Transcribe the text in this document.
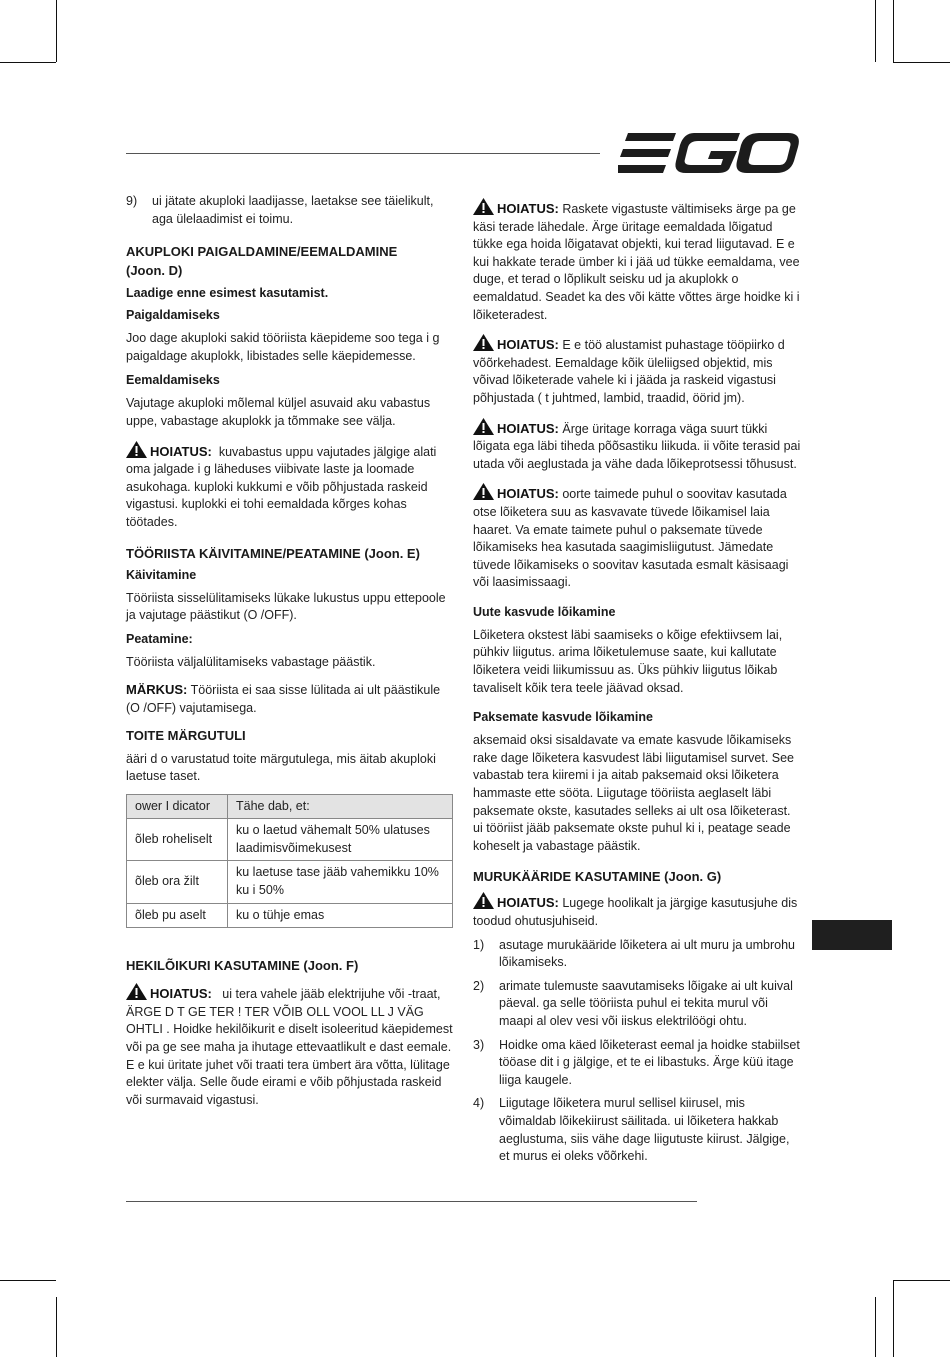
9) ui jätate akuploki laadijasse, laetakse see täielikult, aga ülelaadimist ei toimu.
AKUPLOKI PAIGALDAMINE/EEMALDAMINE
(Joon. D)
Laadige enne esimest kasutamist.
Paigaldamiseks

Joo dage akuploki sakid tööriista käepideme soo tega i g paigaldage akuplokk, libistades selle käepidemesse.

Eemaldamiseks

Vajutage akuploki mõlemal küljel asuvaid aku vabastus uppe, vabastage akuplokk ja tõmmake see välja.

HOIATUS: kuvabastus uppu vajutades jälgige alati oma jalgade i g läheduses viibivate laste ja loomade asukohaga. kuploki kukkumi e võib põhjustada raskeid vigastusi. kuplokki ei tohi eemaldada kõrges kohas töötades.

TÖÖRIISTA KÄIVITAMINE/PEATAMINE (Joon. E)
Käivitamine

Tööriista sisselülitamiseks lükake lukustus uppu ettepoole ja vajutage päästikut (O /OFF).

Peatamine:

Tööriista väljalülitamiseks vabastage päästik.

MÄRKUS: Tööriista ei saa sisse lülitada ai ult päästikule (O /OFF) vajutamisega.

TOITE MÄRGUTULI

ääri d o varustatud toite märgutulega, mis äitab akuploki laetuse taset.

ower I dicator	Tähe dab, et:
õleb roheliselt	ku o laetud vähemalt 50% ulatuses laadimisvõimekusest
õleb ora žilt	ku laetuse tase jääb vahemikku 10% ku i 50%
õleb pu aselt	ku o tühje emas
HEKILÕIKURI KASUTAMINE (Joon. F)

HOIATUS:   ui tera vahele jääb elektrijuhe või -traat, ÄRGE D T GE TER ! TER VÕIB OLL VOOL LL J VÄG OHTLI . Hoidke hekilõikurit e diselt isoleeritud käepidemest või pa ge see maha ja ihutage ettevaatlikult e dast eemale. E e kui üritate juhet või traati tera ümbert ära võtta, lülitage elekter välja. Selle õude eirami e võib põhjustada raskeid või surmavaid vigastusi.

HOIATUS: Raskete vigastuste vältimiseks ärge pa ge käsi terade lähedale. Ärge üritage eemaldada lõigatud tükke ega hoida lõigatavat objekti, kui terad liigutavad. E e kui hakkate terade ümber ki i jää ud tükke eemaldama, vee duge, et terad o lõplikult seisku ud ja akuplokk o eemaldatud. Seadet ka des või kätte võttes ärge hoidke ki i lõiketeradest.

HOIATUS: E e töö alustamist puhastage tööpiirko d võõrkehadest. Eemaldage kõik üleliigsed objektid, mis võivad lõiketerade vahele ki i jääda ja raskeid vigastusi põhjustada ( t juhtmed, lambid, traadid, öörid jm).

HOIATUS: Ärge üritage korraga väga suurt tükki lõigata ega läbi tiheda põõsastiku liikuda. ii võite terasid pai utada või aeglustada ja vähe dada lõikeprotsessi tõhusust.

HOIATUS: oorte taimede puhul o soovitav kasutada otse lõiketera suu as kasvavate tüvede lõikamisel laia haaret. Va emate taimete puhul o paksemate tüvede lõikamiseks hea kasutada saagimisliigutust. Jämedate tüvede lõikamiseks o soovitav kasutada esmalt käsisaagi või laasimissaagi.

Uute kasvude lõikamine

Lõiketera okstest läbi saamiseks o kõige efektiivsem lai, pühkiv liigutus. arima lõiketulemuse saate, kui kallutate lõiketera veidi liikumissuu as. Üks pühkiv liigutus lõikab tavaliselt kõik tera teele jäävad oksad.

Paksemate kasvude lõikamine

aksemaid oksi sisaldavate va emate kasvude lõikamiseks rake dage lõiketera kasvudest läbi liigutamisel survet. See vabastab tera kiiremi i ja aitab paksemaid oksi lõiketera hammaste ette sööta. Liigutage tööriista aeglaselt läbi paksemate okste, kasutades selleks ai ult osa lõiketerast. ui tööriist jääb paksemate okste puhul ki i, peatage seade koheselt ja vabastage päästik.

MURUKÄÄRIDE KASUTAMINE (Joon. G)

HOIATUS: Lugege hoolikalt ja järgige kasutusjuhe dis toodud ohutusjuhiseid.

1) asutage murukääride lõiketera ai ult muru ja umbrohu lõikamiseks.
2) arimate tulemuste saavutamiseks lõigake ai ult kuival päeval. ga selle tööriista puhul ei tekita murul või maapi al olev vesi või iiskus elektrilöögi ohtu.
3) Hoidke oma käed lõiketerast eemal ja hoidke stabiilset tööase dit i g jälgige, et te ei libastuks. Ärge küü itage liiga kaugele.
4) Liigutage lõiketera murul sellisel kiirusel, mis võimaldab lõikekiirust säilitada. ui lõiketera hakkab aeglustuma, siis vähe dage liigutuste kiirust. Jälgige, et murus ei oleks võõrkehi.
